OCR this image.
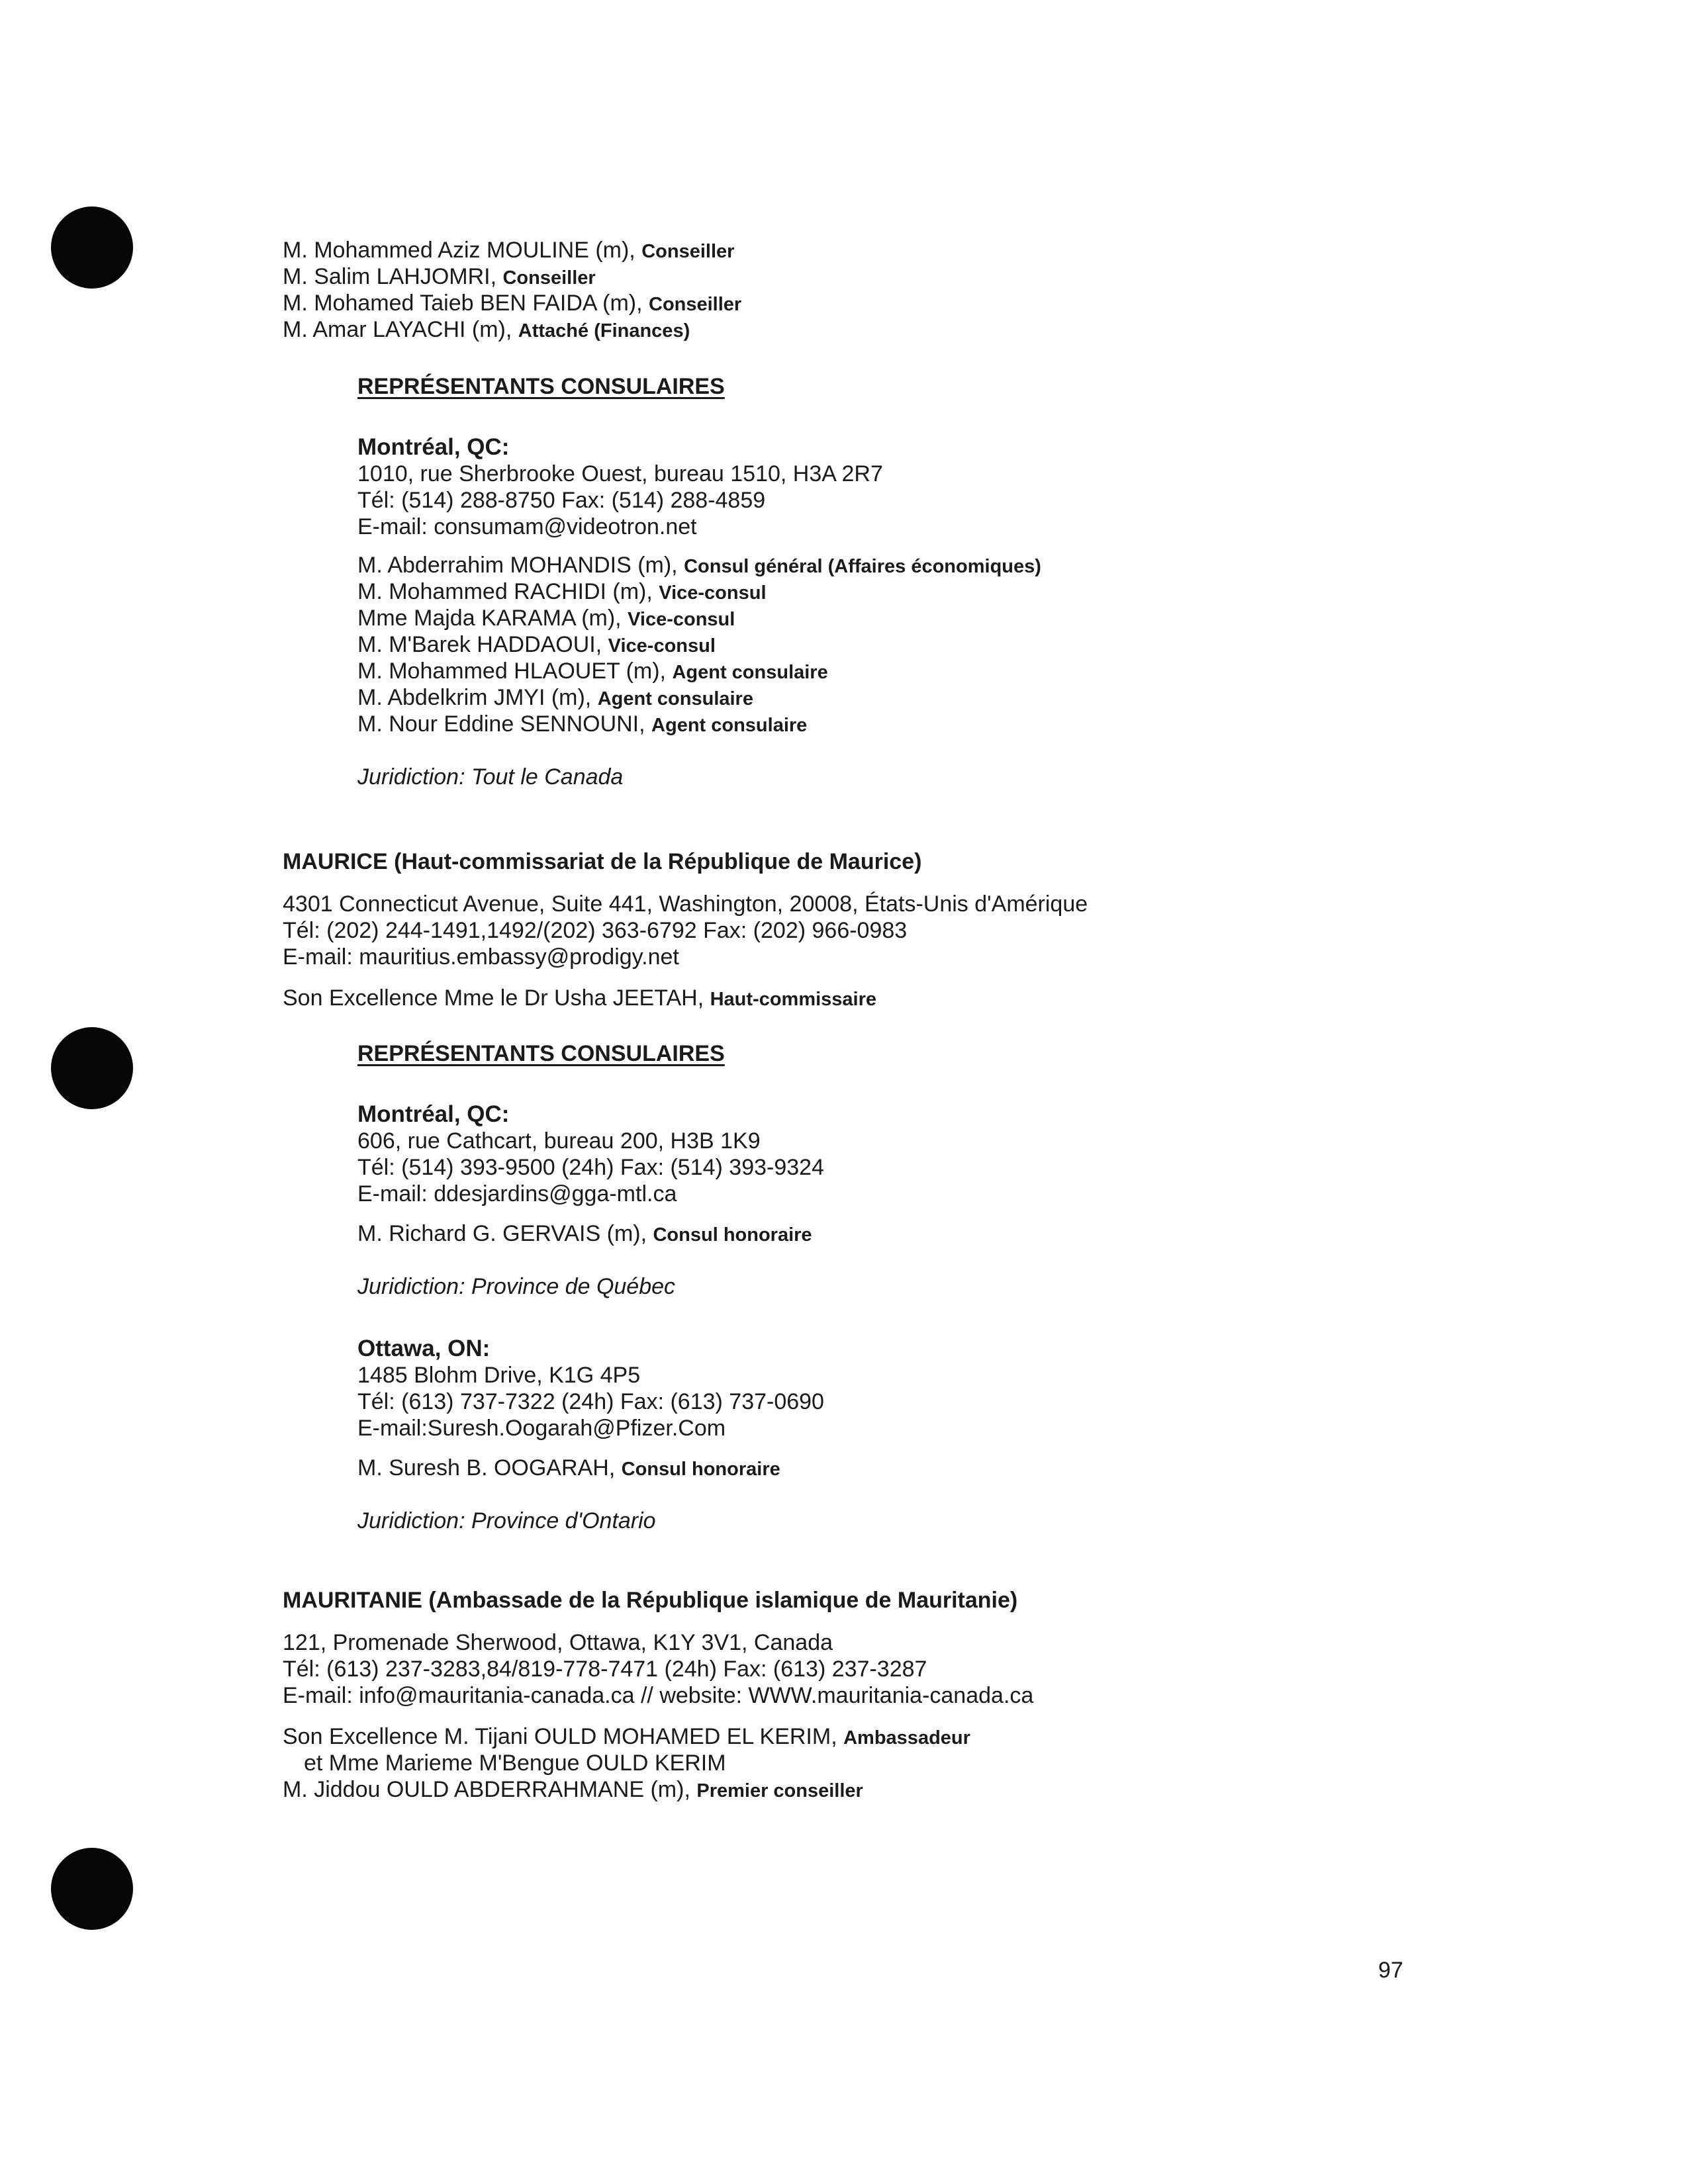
M. Mohammed Aziz MOULINE (m), Conseiller
M. Salim LAHJOMRI, Conseiller
M. Mohamed Taieb BEN FAIDA (m), Conseiller
M. Amar LAYACHI (m), Attaché (Finances)
REPRÉSENTANTS CONSULAIRES
Montréal, QC:
1010, rue Sherbrooke Ouest, bureau 1510, H3A 2R7
Tél: (514) 288-8750 Fax: (514) 288-4859
E-mail: consumam@videotron.net
M. Abderrahim MOHANDIS (m), Consul général (Affaires économiques)
M. Mohammed RACHIDI (m), Vice-consul
Mme Majda KARAMA (m), Vice-consul
M. M'Barek HADDAOUI, Vice-consul
M. Mohammed HLAOUET (m), Agent consulaire
M. Abdelkrim JMYI (m), Agent consulaire
M. Nour Eddine SENNOUNI, Agent consulaire
Juridiction: Tout le Canada
MAURICE (Haut-commissariat de la République de Maurice)
4301 Connecticut Avenue, Suite 441, Washington, 20008, États-Unis d'Amérique
Tél: (202) 244-1491,1492/(202) 363-6792 Fax: (202) 966-0983
E-mail: mauritius.embassy@prodigy.net
Son Excellence Mme le Dr Usha JEETAH, Haut-commissaire
REPRÉSENTANTS CONSULAIRES
Montréal, QC:
606, rue Cathcart, bureau 200, H3B 1K9
Tél: (514) 393-9500 (24h) Fax: (514) 393-9324
E-mail: ddesjardins@gga-mtl.ca
M. Richard G. GERVAIS (m), Consul honoraire
Juridiction: Province de Québec
Ottawa, ON:
1485 Blohm Drive, K1G 4P5
Tél: (613) 737-7322 (24h) Fax: (613) 737-0690
E-mail:Suresh.Oogarah@Pfizer.Com
M. Suresh B. OOGARAH, Consul honoraire
Juridiction: Province d'Ontario
MAURITANIE (Ambassade de la République islamique de Mauritanie)
121, Promenade Sherwood, Ottawa, K1Y 3V1, Canada
Tél: (613) 237-3283,84/819-778-7471 (24h) Fax: (613) 237-3287
E-mail: info@mauritania-canada.ca // website: WWW.mauritania-canada.ca
Son Excellence M. Tijani OULD MOHAMED EL KERIM, Ambassadeur
et Mme Marieme M'Bengue OULD KERIM
M. Jiddou OULD ABDERRAHMANE (m), Premier conseiller
97
